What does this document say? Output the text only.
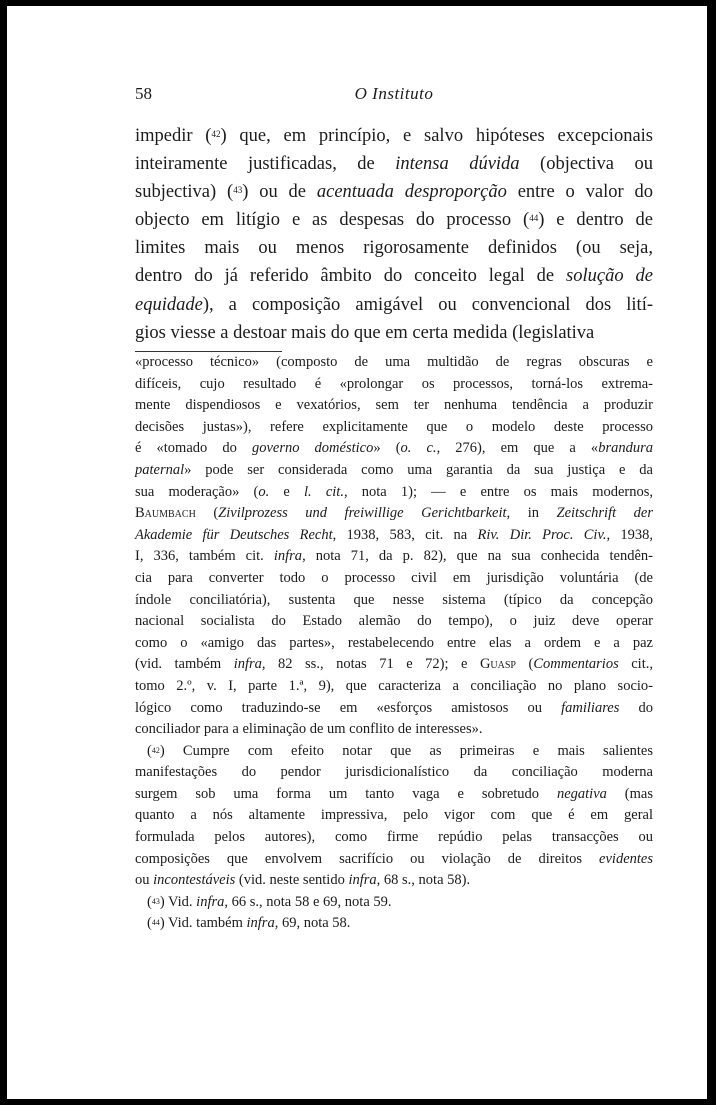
58	O Instituto
impedir ($^{42}$) que, em princípio, e salvo hipóteses excepcionais
inteiramente justificadas, de intensa dúvida (objectiva ou
subjectiva) ($^{43}$) ou de acentuada desproporção entre o valor do
objecto em litígio e as despesas do processo ($^{44}$) e dentro de
limites mais ou menos rigorosamente definidos (ou seja,
dentro do já referido âmbito do conceito legal de solução de
equidade), a composição amigável ou convencional dos lití-
gios viesse a destoar mais do que em certa medida (legislativa
«processo técnico» (composto de uma multidão de regras obscuras e
difíceis, cujo resultado é «prolongar os processos, torná-los extrema-
mente dispendiosos e vexatórios, sem ter nenhuma tendência a produzir
decisões justas»), refere explicitamente que o modelo deste processo
é «tomado do governo doméstico» (o. c., 276), em que a «brandura
paternal» pode ser considerada como uma garantia da sua justiça e da
sua moderação» (o. e l. cit., nota 1); — e entre os mais modernos,
Baumbach (Zivilprozess und freiwillige Gerichtbarkeit, in Zeitschrift der
Akademie für Deutsches Recht, 1938, 583, cit. na Riv. Dir. Proc. Civ., 1938,
I, 336, também cit. infra, nota 71, da p. 82), que na sua conhecida tendên-
cia para converter todo o processo civil em jurisdição voluntária (de
índole conciliatória), sustenta que nesse sistema (típico da concepção
nacional socialista do Estado alemão do tempo), o juiz deve operar
como o «amigo das partes», restabelecendo entre elas a ordem e a paz
(vid. também infra, 82 ss., notas 71 e 72); e Guasp (Commentarios cit.,
tomo 2.º, v. I, parte 1.ª, 9), que caracteriza a conciliação no plano socio-
lógico como traduzindo-se em «esforços amistosos ou familiares do
conciliador para a eliminação de um conflito de interesses».
($^{42}$) Cumpre com efeito notar que as primeiras e mais salientes
manifestações do pendor jurisdicionalístico da conciliação moderna
surgem sob uma forma um tanto vaga e sobretudo negativa (mas
quanto a nós altamente impressiva, pelo vigor com que é em geral
formulada pelos autores), como firme repúdio pelas transacções ou
composições que envolvem sacrifício ou violação de direitos evidentes
ou incontestáveis (vid. neste sentido infra, 68 s., nota 58).
($^{43}$) Vid. infra, 66 s., nota 58 e 69, nota 59.
($^{44}$) Vid. também infra, 69, nota 58.
